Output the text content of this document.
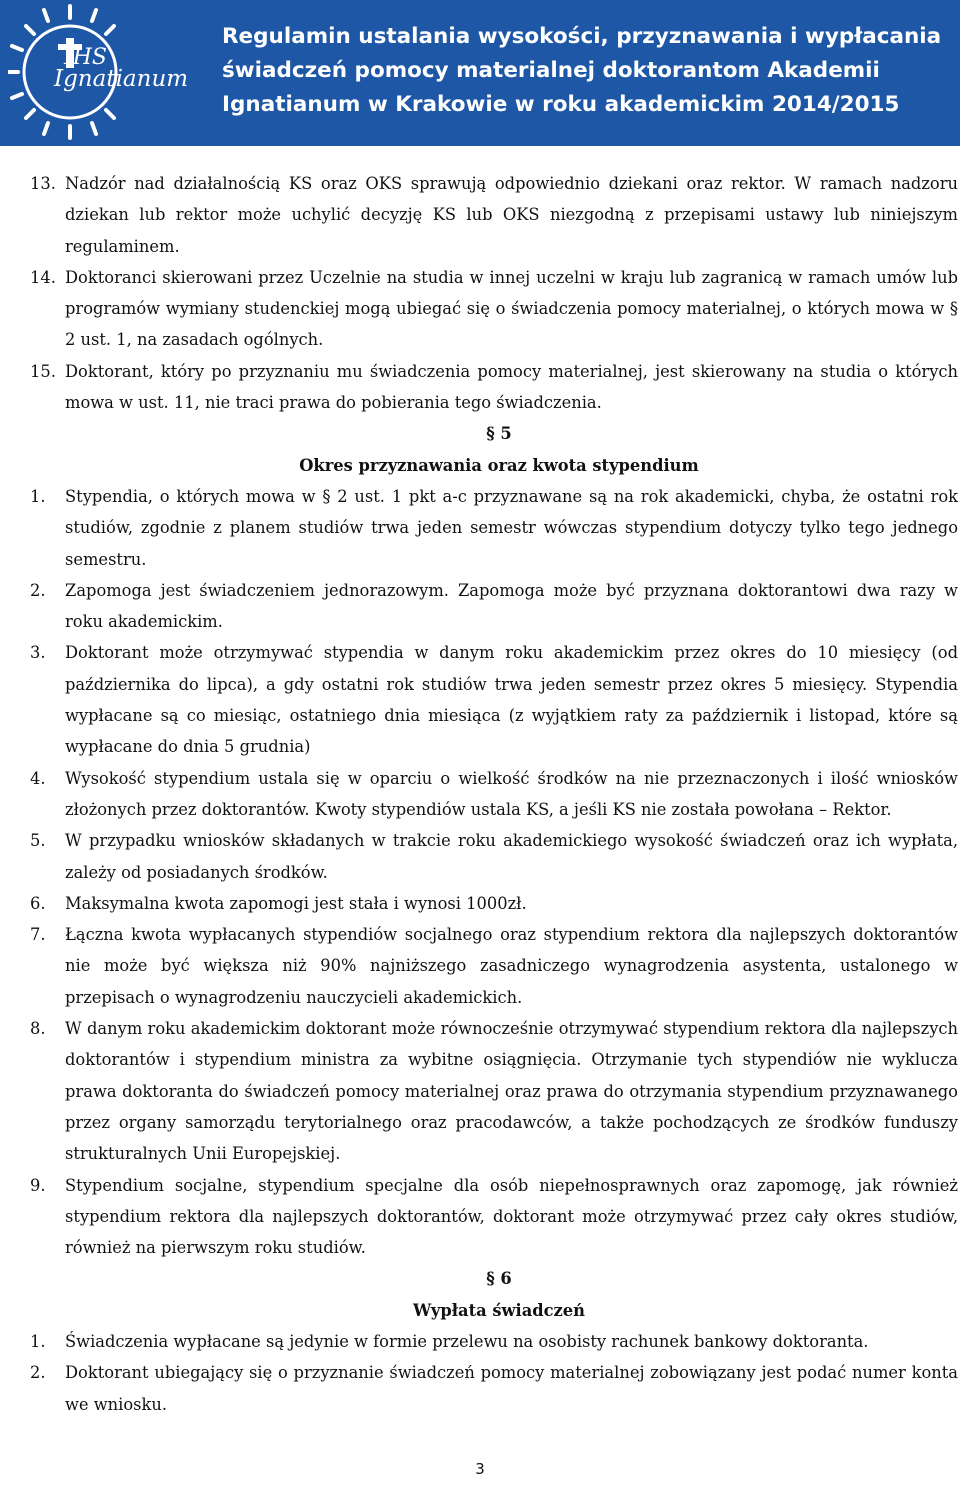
IHS
Ignatianum
Regulamin ustalania wysokości, przyznawania i wypłacania
świadczeń pomocy materialnej doktorantom Akademii
Ignatianum w Krakowie w roku akademickim 2014/2015
13. Nadzór nad działalnością KS oraz OKS sprawują odpowiednio dziekani oraz rektor. W ramach nadzoru dziekan lub rektor może uchylić decyzję KS lub OKS niezgodną z przepisami ustawy lub niniejszym regulaminem.
14. Doktoranci skierowani przez Uczelnie na studia w innej uczelni w kraju lub zagranicą w ramach umów lub programów wymiany studenckiej mogą ubiegać się o świadczenia pomocy materialnej, o których mowa w § 2 ust. 1, na zasadach ogólnych.
15. Doktorant, który po przyznaniu mu świadczenia pomocy materialnej, jest skierowany na studia o których mowa w ust. 11, nie traci prawa do pobierania tego świadczenia.
§ 5
Okres przyznawania oraz kwota stypendium
1.	Stypendia, o których mowa w § 2 ust. 1 pkt a-c przyznawane są na rok akademicki, chyba, że ostatni rok studiów, zgodnie z planem studiów trwa jeden semestr wówczas stypendium dotyczy tylko tego jednego semestru.
2.	Zapomoga jest świadczeniem jednorazowym. Zapomoga może być przyznana doktorantowi dwa razy w roku akademickim.
3.	Doktorant może otrzymywać stypendia w danym roku akademickim przez okres do 10 miesięcy (od października do lipca), a gdy ostatni rok studiów trwa jeden semestr przez okres 5 miesięcy. Stypendia wypłacane są co miesiąc, ostatniego dnia miesiąca (z wyjątkiem raty za październik i listopad, które są wypłacane do dnia 5 grudnia)
4.	Wysokość stypendium ustala się w oparciu o wielkość środków na nie przeznaczonych i ilość wniosków złożonych przez doktorantów. Kwoty stypendiów ustala KS, a jeśli KS nie została powołana – Rektor.
5.	W przypadku wniosków składanych w trakcie roku akademickiego wysokość świadczeń oraz ich wypłata, zależy od posiadanych środków.
6.	Maksymalna kwota zapomogi jest stała i wynosi 1000zł.
7.	Łączna kwota wypłacanych stypendiów socjalnego oraz stypendium rektora dla najlepszych doktorantów nie może być większa niż 90% najniższego zasadniczego wynagrodzenia asystenta, ustalonego w przepisach o wynagrodzeniu nauczycieli akademickich.
8.	W danym roku akademickim doktorant może równocześnie otrzymywać stypendium rektora dla najlepszych doktorantów i stypendium ministra za wybitne osiągnięcia. Otrzymanie tych stypendiów nie wyklucza prawa doktoranta do świadczeń pomocy materialnej oraz prawa do otrzymania stypendium przyznawanego przez organy samorządu terytorialnego oraz pracodawców, a także pochodzących ze środków funduszy strukturalnych Unii Europejskiej.
9.	Stypendium socjalne, stypendium specjalne dla osób niepełnosprawnych oraz zapomogę, jak również stypendium rektora dla najlepszych doktorantów, doktorant może otrzymywać przez cały okres studiów, również na pierwszym roku studiów.
§ 6
Wypłata świadczeń
1.	Świadczenia wypłacane są jedynie w formie przelewu na osobisty rachunek bankowy doktoranta.
2.	Doktorant ubiegający się o przyznanie świadczeń pomocy materialnej zobowiązany jest podać numer konta we wniosku.
3
